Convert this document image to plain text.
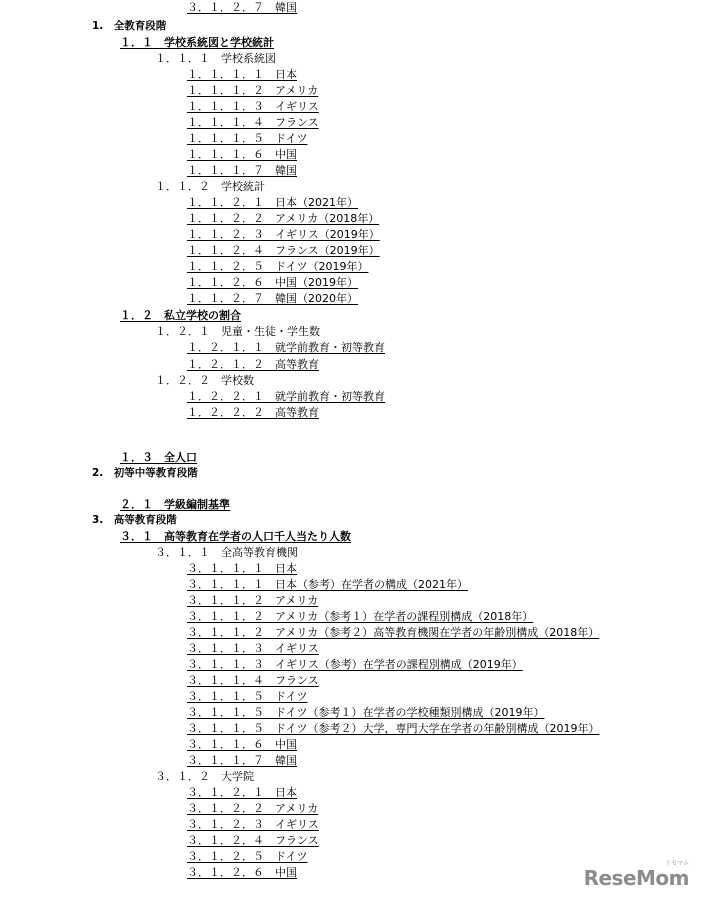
1.　全教育段階
１．１　学校系統図と学校統計
１．１．１　学校系統図
１．１．１．１　日本
１．１．１．２　アメリカ
１．１．１．３　イギリス
１．１．１．４　フランス
１．１．１．５　ドイツ
１．１．１．６　中国
１．１．１．７　韓国
１．１．２　学校統計
１．１．２．１　日本（2021年）
１．１．２．２　アメリカ（2018年）
１．１．２．３　イギリス（2019年）
１．１．２．４　フランス（2019年）
１．１．２．５　ドイツ（2019年）
１．１．２．６　中国（2019年）
１．１．２．７　韓国（2020年）
１．２　私立学校の割合
１．２．１　児童・生徒・学生数
１．２．１．１　就学前教育・初等教育
１．２．１．２　高等教育
１．２．２　学校数
１．２．２．１　就学前教育・初等教育
１．２．２．２　高等教育
１．３　全人口
2.　初等中等教育段階
２．１　学級編制基準
3.　高等教育段階
３．１　高等教育在学者の人口千人当たり人数
３．１．１　全高等教育機関
３．１．１．１　日本
３．１．１．１　日本（参考）在学者の構成（2021年）
３．１．１．２　アメリカ
３．１．１．２　アメリカ（参考１）在学者の課程別構成（2018年）
３．１．１．２　アメリカ（参考２）高等教育機関在学者の年齢別構成（2018年）
３．１．１．３　イギリス
３．１．１．３　イギリス（参考）在学者の課程別構成（2019年）
３．１．１．４　フランス
３．１．１．５　ドイツ
３．１．１．５　ドイツ（参考１）在学者の学校種類別構成（2019年）
３．１．１．５　ドイツ（参考２）大学，専門大学在学者の年齢別構成（2019年）
３．１．１．６　中国
３．１．１．７　韓国
３．１．２　大学院
３．１．２．１　日本
３．１．２．２　アメリカ
３．１．２．３　イギリス
３．１．２．４　フランス
３．１．２．５　ドイツ
３．１．２．６　中国
３．１．２．７　韓国
リセマム
ReseMom
